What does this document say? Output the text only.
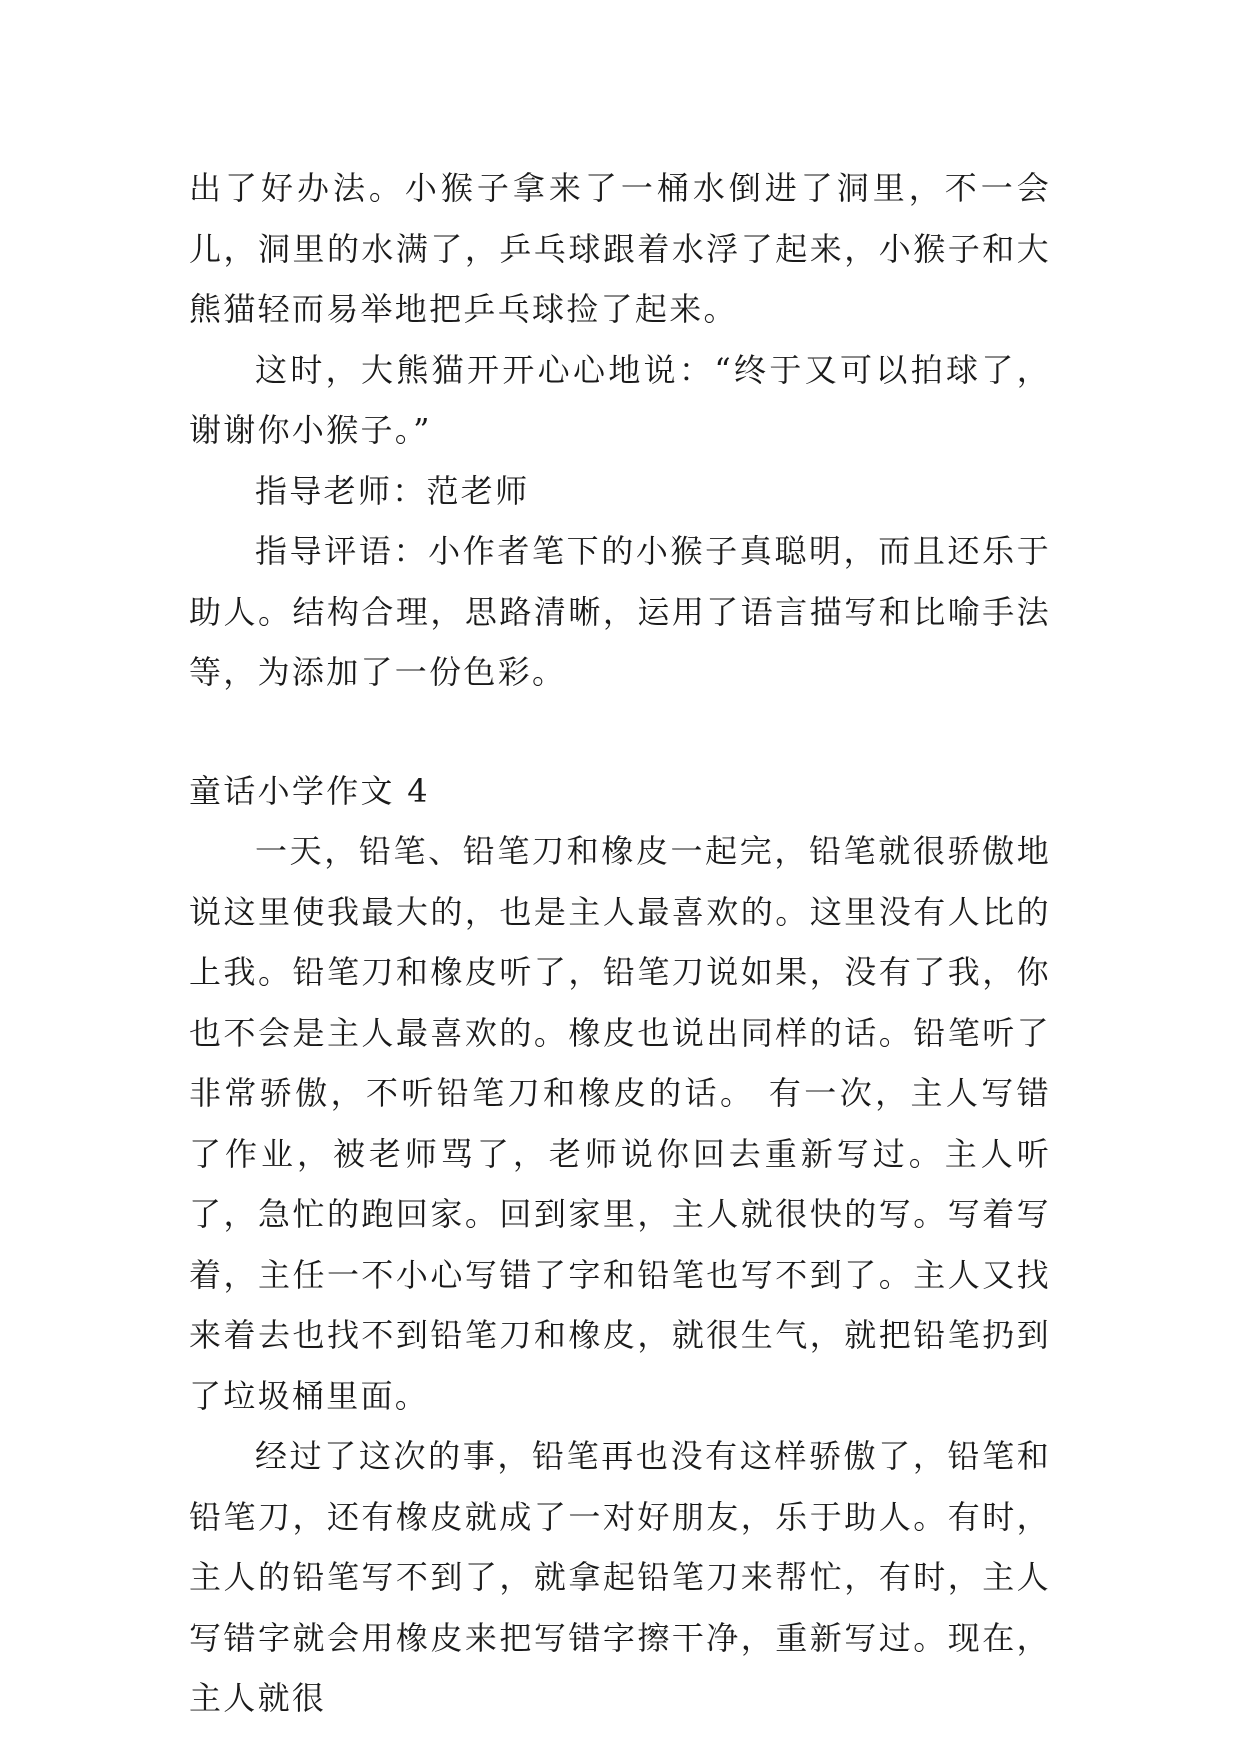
出了好办法。小猴子拿来了一桶水倒进了洞里，不一会儿，洞里的水满了，乒乓球跟着水浮了起来，小猴子和大熊猫轻而易举地把乒乓球捡了起来。

这时，大熊猫开开心心地说：“终于又可以拍球了，谢谢你小猴子。”

指导老师：范老师

指导评语：小作者笔下的小猴子真聪明，而且还乐于助人。结构合理，思路清晰，运用了语言描写和比喻手法等，为添加了一份色彩。

童话小学作文 4

一天，铅笔、铅笔刀和橡皮一起完，铅笔就很骄傲地说这里使我最大的，也是主人最喜欢的。这里没有人比的上我。铅笔刀和橡皮听了，铅笔刀说如果，没有了我，你也不会是主人最喜欢的。橡皮也说出同样的话。铅笔听了非常骄傲，不听铅笔刀和橡皮的话。 有一次，主人写错了作业，被老师骂了，老师说你回去重新写过。主人听了，急忙的跑回家。回到家里，主人就很快的写。写着写着，主任一不小心写错了字和铅笔也写不到了。主人又找来着去也找不到铅笔刀和橡皮，就很生气，就把铅笔扔到了垃圾桶里面。

经过了这次的事，铅笔再也没有这样骄傲了，铅笔和铅笔刀，还有橡皮就成了一对好朋友，乐于助人。有时，主人的铅笔写不到了，就拿起铅笔刀来帮忙，有时，主人写错字就会用橡皮来把写错字擦干净，重新写过。现在，主人就很
